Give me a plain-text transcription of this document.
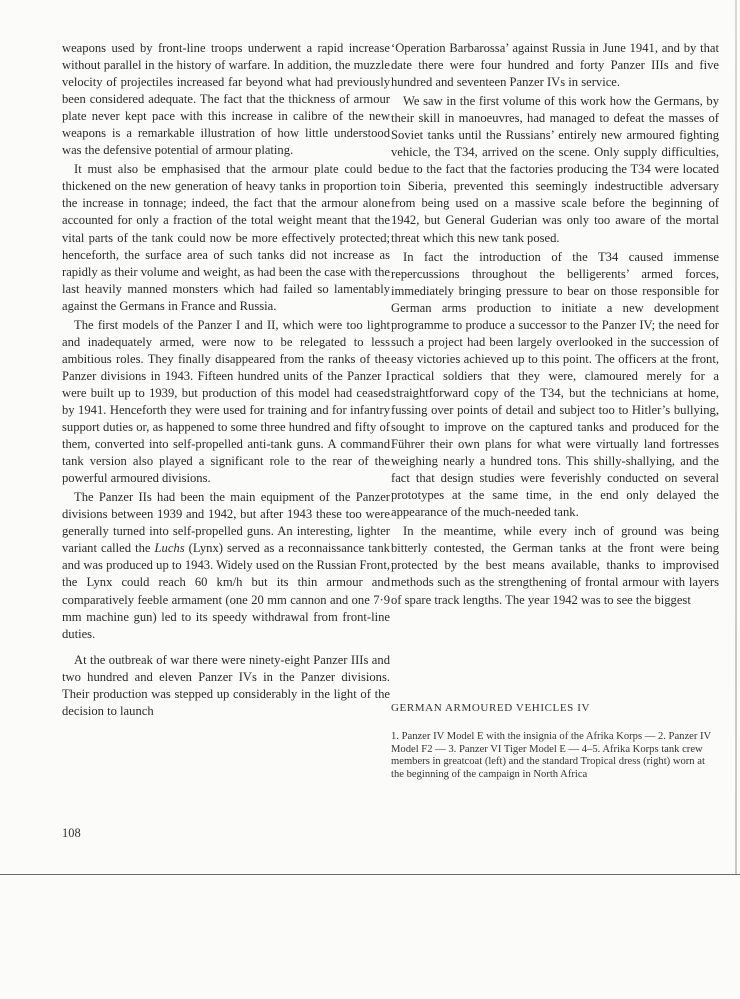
weapons used by front-line troops underwent a rapid increase without parallel in the history of warfare. In addition, the muzzle velocity of projectiles increased far beyond what had previously been considered adequate. The fact that the thickness of armour plate never kept pace with this increase in calibre of the new weapons is a remarkable illustration of how little understood was the defensive potential of armour plating.

It must also be emphasised that the armour plate could be thickened on the new generation of heavy tanks in proportion to the increase in tonnage; indeed, the fact that the armour alone accounted for only a fraction of the total weight meant that the vital parts of the tank could now be more effectively protected; henceforth, the surface area of such tanks did not increase as rapidly as their volume and weight, as had been the case with the last heavily manned monsters which had failed so lamentably against the Germans in France and Russia.

The first models of the Panzer I and II, which were too light and inadequately armed, were now to be relegated to less ambitious roles. They finally disappeared from the ranks of the Panzer divisions in 1943. Fifteen hundred units of the Panzer I were built up to 1939, but production of this model had ceased by 1941. Henceforth they were used for training and for infantry support duties or, as happened to some three hundred and fifty of them, converted into self-propelled anti-tank guns. A command tank version also played a significant role to the rear of the powerful armoured divisions.

The Panzer IIs had been the main equipment of the Panzer divisions between 1939 and 1942, but after 1943 these too were generally turned into self-propelled guns. An interesting, lighter variant called the Luchs (Lynx) served as a reconnaissance tank and was produced up to 1943. Widely used on the Russian Front, the Lynx could reach 60 km/h but its thin armour and comparatively feeble armament (one 20 mm cannon and one 7·9 mm machine gun) led to its speedy withdrawal from front-line duties.

At the outbreak of war there were ninety-eight Panzer IIIs and two hundred and eleven Panzer IVs in the Panzer divisions. Their production was stepped up considerably in the light of the decision to launch

‘Operation Barbarossa’ against Russia in June 1941, and by that date there were four hundred and forty Panzer IIIs and five hundred and seventeen Panzer IVs in service.

We saw in the first volume of this work how the Germans, by their skill in manoeuvres, had managed to defeat the masses of Soviet tanks until the Russians’ entirely new armoured fighting vehicle, the T34, arrived on the scene. Only supply difficulties, due to the fact that the factories producing the T34 were located in Siberia, prevented this seemingly indestructible adversary from being used on a massive scale before the beginning of 1942, but General Guderian was only too aware of the mortal threat which this new tank posed.

In fact the introduction of the T34 caused immense repercussions throughout the belligerents’ armed forces, immediately bringing pressure to bear on those responsible for German arms production to initiate a new development programme to produce a successor to the Panzer IV; the need for such a project had been largely overlooked in the succession of easy victories achieved up to this point. The officers at the front, practical soldiers that they were, clamoured merely for a straightforward copy of the T34, but the technicians at home, fussing over points of detail and subject too to Hitler’s bullying, sought to improve on the captured tanks and produced for the Führer their own plans for what were virtually land fortresses weighing nearly a hundred tons. This shilly-shallying, and the fact that design studies were feverishly conducted on several prototypes at the same time, in the end only delayed the appearance of the much-needed tank.

In the meantime, while every inch of ground was being bitterly contested, the German tanks at the front were being protected by the best means available, thanks to improvised methods such as the strengthening of frontal armour with layers of spare track lengths. The year 1942 was to see the biggest

GERMAN ARMOURED VEHICLES IV

1. Panzer IV Model E with the insignia of the Afrika Korps — 2. Panzer IV Model F2 — 3. Panzer VI Tiger Model E — 4–5. Afrika Korps tank crew members in greatcoat (left) and the standard Tropical dress (right) worn at the beginning of the campaign in North Africa

108
